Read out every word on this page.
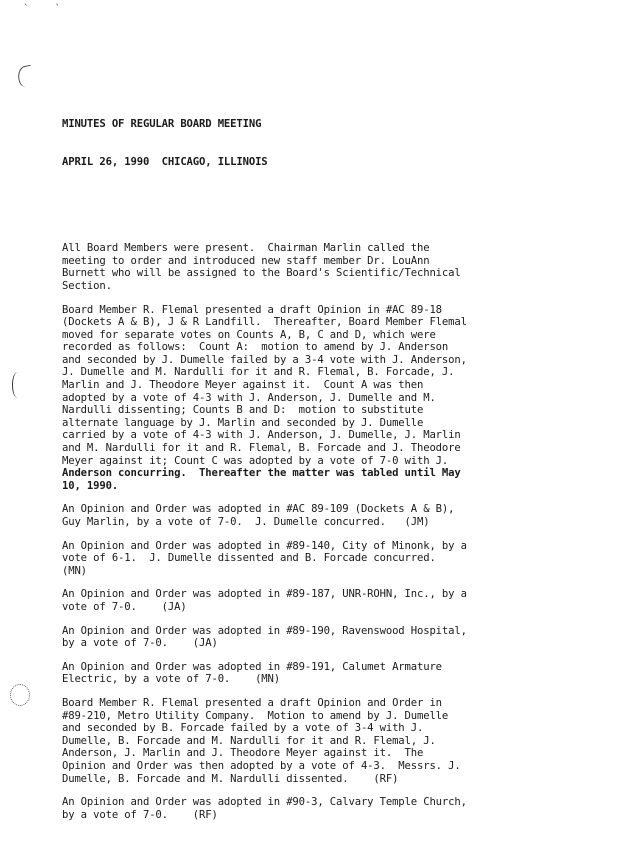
` `

MINUTES OF REGULAR BOARD MEETING

APRIL 26, 1990  CHICAGO, ILLINOIS

All Board Members were present.  Chairman Marlin called the
meeting to order and introduced new staff member Dr. LouAnn
Burnett who will be assigned to the Board's Scientific/Technical
Section.
Board Member R. Flemal presented a draft Opinion in #AC 89-18
(Dockets A & B), J & R Landfill.  Thereafter, Board Member Flemal
moved for separate votes on Counts A, B, C and D, which were
recorded as follows:  Count A:  motion to amend by J. Anderson
and seconded by J. Dumelle failed by a 3-4 vote with J. Anderson,
J. Dumelle and M. Nardulli for it and R. Flemal, B. Forcade, J.
Marlin and J. Theodore Meyer against it.  Count A was then
adopted by a vote of 4-3 with J. Anderson, J. Dumelle and M.
Nardulli dissenting; Counts B and D:  motion to substitute
alternate language by J. Marlin and seconded by J. Dumelle
carried by a vote of 4-3 with J. Anderson, J. Dumelle, J. Marlin
and M. Nardulli for it and R. Flemal, B. Forcade and J. Theodore
Meyer against it; Count C was adopted by a vote of 7-0 with J.
Anderson concurring.  Thereafter the matter was tabled until May
10, 1990.
An Opinion and Order was adopted in #AC 89-109 (Dockets A & B),
Guy Marlin, by a vote of 7-0.  J. Dumelle concurred.   (JM)
An Opinion and Order was adopted in #89-140, City of Minonk, by a
vote of 6-1.  J. Dumelle dissented and B. Forcade concurred.
(MN)
An Opinion and Order was adopted in #89-187, UNR-ROHN, Inc., by a
vote of 7-0.    (JA)
An Opinion and Order was adopted in #89-190, Ravenswood Hospital,
by a vote of 7-0.    (JA)
An Opinion and Order was adopted in #89-191, Calumet Armature
Electric, by a vote of 7-0.    (MN)
Board Member R. Flemal presented a draft Opinion and Order in
#89-210, Metro Utility Company.  Motion to amend by J. Dumelle
and seconded by B. Forcade failed by a vote of 3-4 with J.
Dumelle, B. Forcade and M. Nardulli for it and R. Flemal, J.
Anderson, J. Marlin and J. Theodore Meyer against it.  The
Opinion and Order was then adopted by a vote of 4-3.  Messrs. J.
Dumelle, B. Forcade and M. Nardulli dissented.    (RF)
An Opinion and Order was adopted in #90-3, Calvary Temple Church,
by a vote of 7-0.    (RF)
